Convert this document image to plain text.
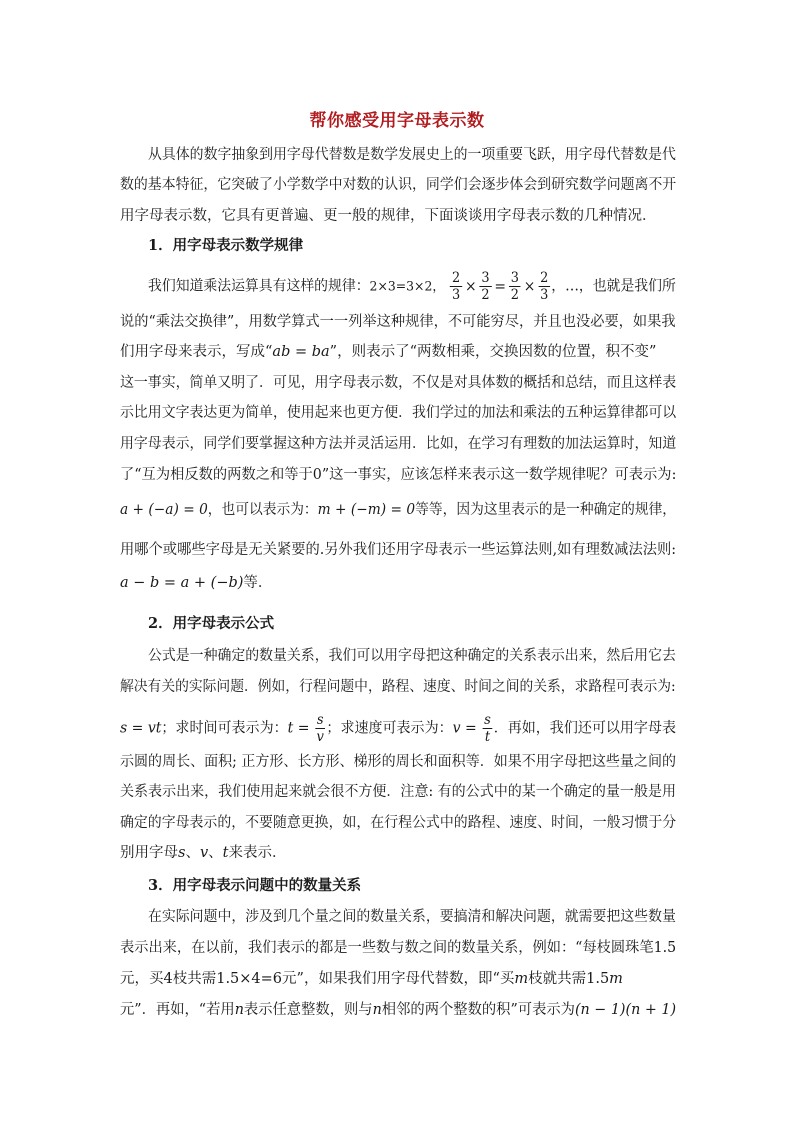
帮你感受用字母表示数
从具体的数字抽象到用字母代替数是数学发展史上的一项重要飞跃，用字母代替数是代
数的基本特征，它突破了小学数学中对数的认识，同学们会逐步体会到研究数学问题离不开
用字母表示数，它具有更普遍、更一般的规律，下面谈谈用字母表示数的几种情况．
1．用字母表示数学规律
我们知道乘法运算具有这样的规律：2×3=3×2， $\frac{2}{3} \times \frac{3}{2} = \frac{3}{2} \times \frac{2}{3}$ ，…，也就是我们所
说的“乘法交换律”，用数学算式一一列举这种规律，不可能穷尽，并且也没必要，如果我
们用字母来表示，写成“ab = ba”，则表示了“两数相乘，交换因数的位置，积不变”
这一事实，简单又明了．可见，用字母表示数，不仅是对具体数的概括和总结，而且这样表
示比用文字表达更为简单，使用起来也更方便．我们学过的加法和乘法的五种运算律都可以
用字母表示，同学们要掌握这种方法并灵活运用．比如，在学习有理数的加法运算时，知道
了“互为相反数的两数之和等于0”这一事实，应该怎样来表示这一数学规律呢？可表示为:
a + (−a) = 0，也可以表示为：m + (−m) = 0等等，因为这里表示的是一种确定的规律，
用哪个或哪些字母是无关紧要的.另外我们还用字母表示一些运算法则,如有理数减法法则:
a − b = a + (−b)等．
2．用字母表示公式
公式是一种确定的数量关系，我们可以用字母把这种确定的关系表示出来，然后用它去
解决有关的实际问题．例如，行程问题中，路程、速度、时间之间的关系，求路程可表示为:
s = vt；求时间可表示为：$t = \frac{s}{v}$ ；求速度可表示为：$v = \frac{s}{t}$ ．再如，我们还可以用字母表
示圆的周长、面积; 正方形、长方形、梯形的周长和面积等．如果不用字母把这些量之间的
关系表示出来，我们使用起来就会很不方便．注意: 有的公式中的某一个确定的量一般是用
确定的字母表示的，不要随意更换，如，在行程公式中的路程、速度、时间，一般习惯于分
别用字母s、v、t来表示．
3．用字母表示问题中的数量关系
在实际问题中，涉及到几个量之间的数量关系，要搞清和解决问题，就需要把这些数量
表示出来，在以前，我们表示的都是一些数与数之间的数量关系，例如：“每枝圆珠笔1.5
元，买4枝共需1.5×4=6元”，如果我们用字母代替数，即“买m枝就共需1.5m
元”．再如，“若用n表示任意整数，则与n相邻的两个整数的积”可表示为(n − 1)(n + 1)
